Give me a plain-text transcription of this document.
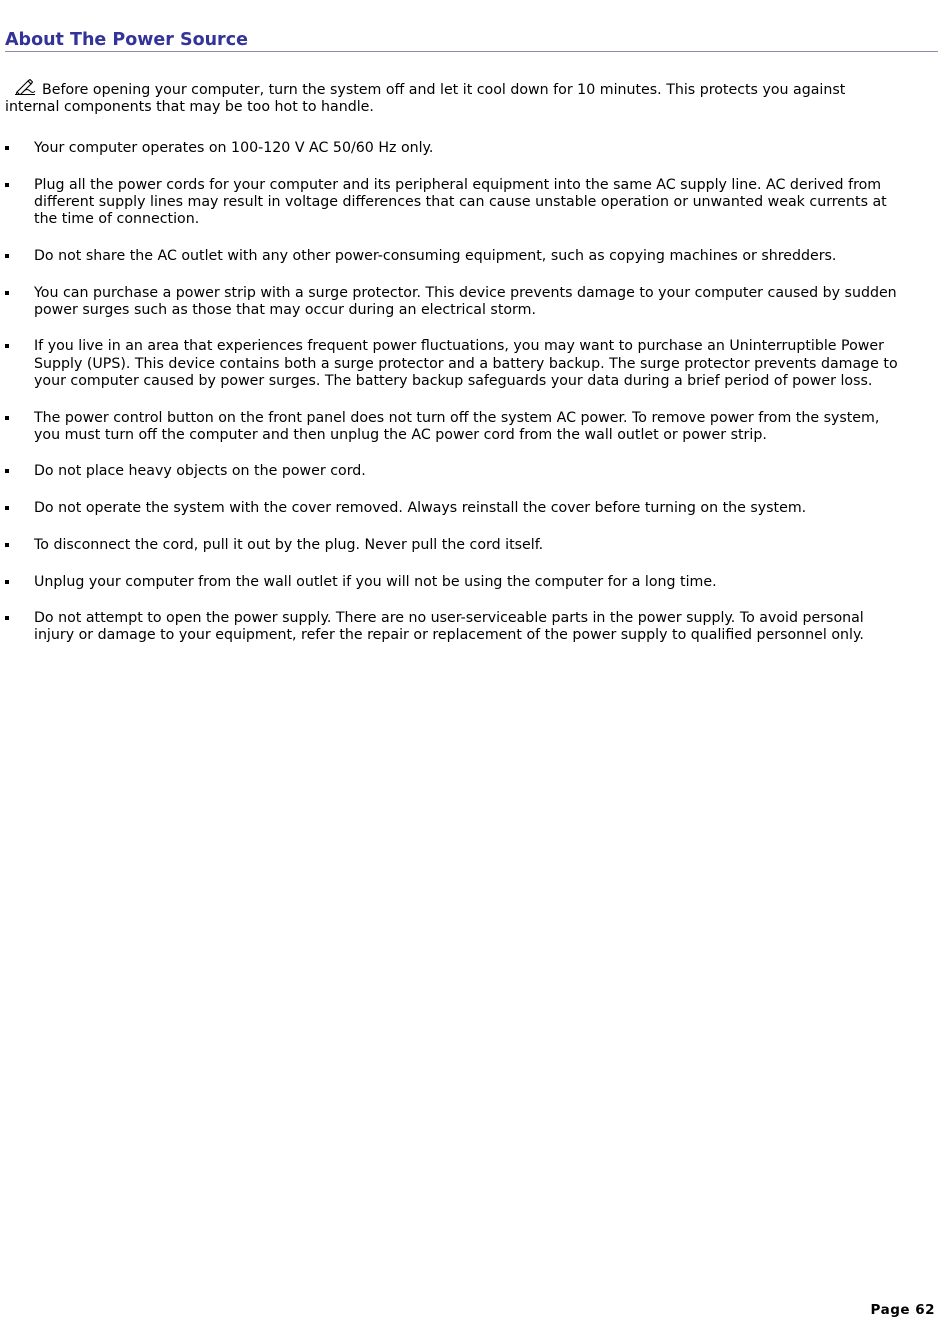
About The Power Source

Before opening your computer, turn the system off and let it cool down for 10 minutes. This protects you against internal components that may be too hot to handle.

Your computer operates on 100-120 V AC 50/60 Hz only.
Plug all the power cords for your computer and its peripheral equipment into the same AC supply line. AC derived from different supply lines may result in voltage differences that can cause unstable operation or unwanted weak currents at the time of connection.
Do not share the AC outlet with any other power-consuming equipment, such as copying machines or shredders.
You can purchase a power strip with a surge protector. This device prevents damage to your computer caused by sudden power surges such as those that may occur during an electrical storm.
If you live in an area that experiences frequent power fluctuations, you may want to purchase an Uninterruptible Power Supply (UPS). This device contains both a surge protector and a battery backup. The surge protector prevents damage to your computer caused by power surges. The battery backup safeguards your data during a brief period of power loss.
The power control button on the front panel does not turn off the system AC power. To remove power from the system, you must turn off the computer and then unplug the AC power cord from the wall outlet or power strip.
Do not place heavy objects on the power cord.
Do not operate the system with the cover removed. Always reinstall the cover before turning on the system.
To disconnect the cord, pull it out by the plug. Never pull the cord itself.
Unplug your computer from the wall outlet if you will not be using the computer for a long time.
Do not attempt to open the power supply. There are no user-serviceable parts in the power supply. To avoid personal injury or damage to your equipment, refer the repair or replacement of the power supply to qualified personnel only.
Page 62
